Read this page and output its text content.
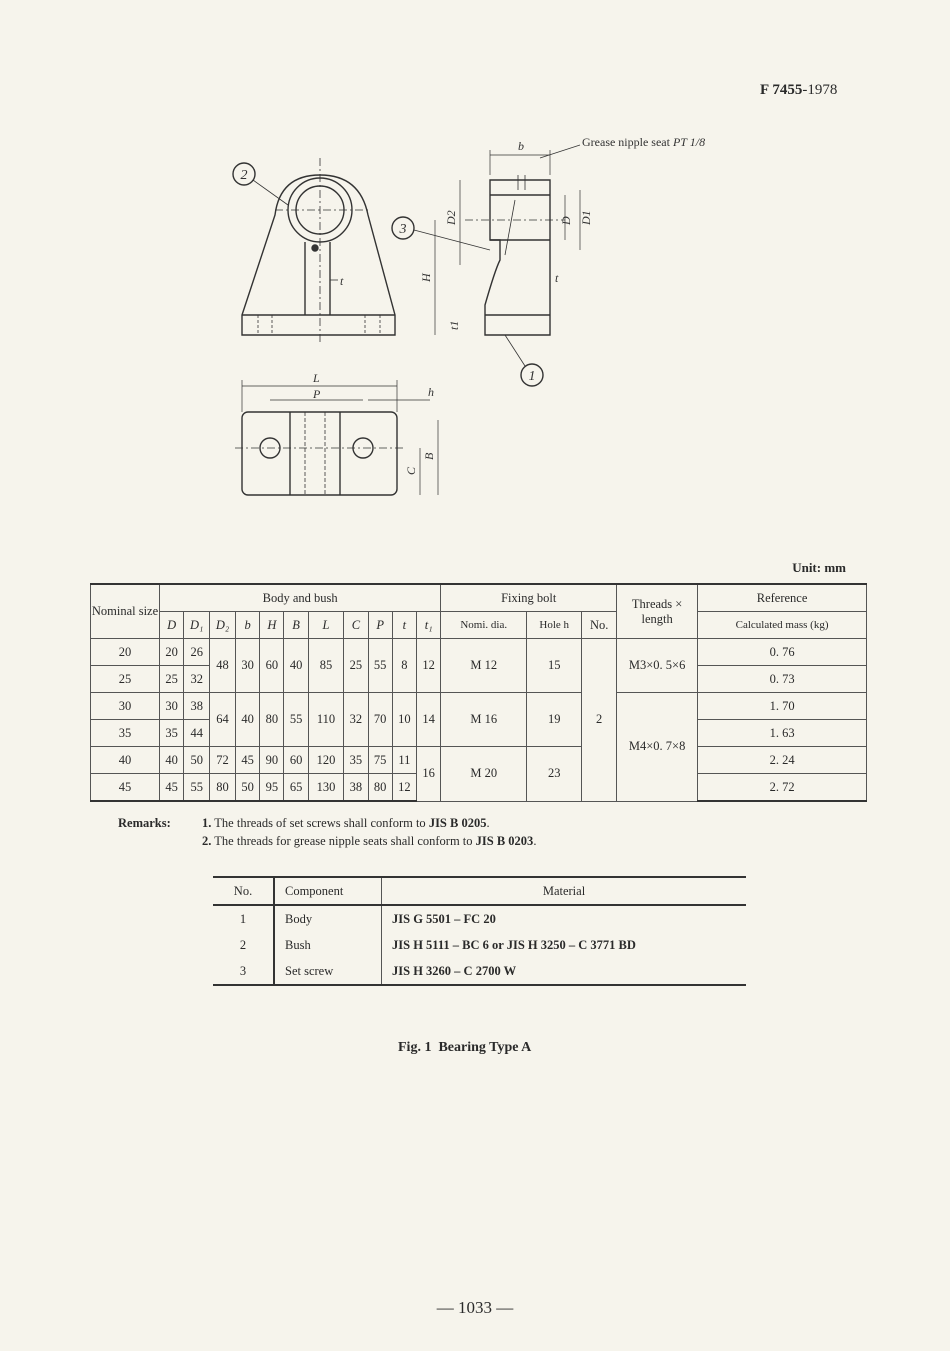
F 7455-1978
2
b	Grease nipple seat PT 1/8
D2	D D1
H
t1
t
t
3
1
L
P	h
C
B
Unit: mm
Nominal size	Body and bush											Fixing bolt			Threads × length	Reference
	D	D₁	D₂	b	H	B	L	C	P	t	t₁	Nomi. dia.	Hole h	No.		Calculated mass (kg)
20	20	26	48	30	60	40	85	25	55	8	12	M 12	15	2	M3×0. 5×6	0. 76
25	25	32														0. 73
30	30	38	64	40	80	55	110	32	70	10	14	M 16	19		M4×0. 7×8	1. 70
35	35	44														1. 63
40	40	50	72	45	90	60	120	35	75	11	16	M 20	23			2. 24
45	45	55	80	50	95	65	130	38	80	12						2. 72
Remarks: 1. The threads of set screws shall conform to JIS B 0205.
2. The threads for grease nipple seats shall conform to JIS B 0203.
No.	Component	Material
1	Body	JIS G 5501 – FC 20
2	Bush	JIS H 5111 – BC 6 or JIS H 3250 – C 3771 BD
3	Set screw	JIS H 3260 – C 2700 W
Fig. 1 Bearing Type A
— 1033 —
